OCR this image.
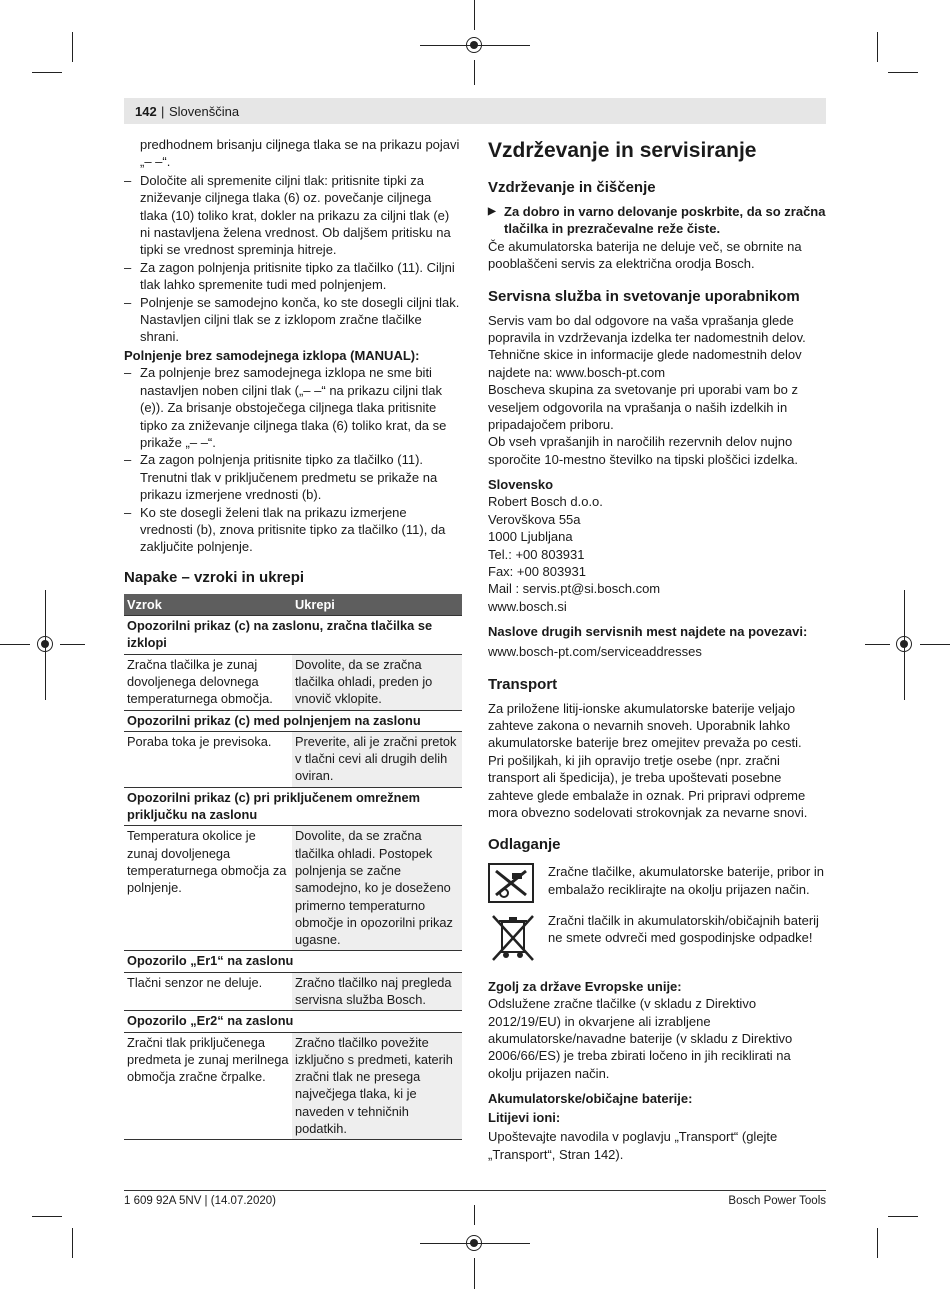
142 | Slovenščina

predhodnem brisanju ciljnega tlaka se na prikazu pojavi „– –“.

– Določite ali spremenite ciljni tlak: pritisnite tipki za zniževanje ciljnega tlaka (6) oz. povečanje ciljnega tlaka (10) toliko krat, dokler na prikazu za ciljni tlak (e) ni nastavljena želena vrednost. Ob daljšem pritisku na tipki se vrednost spreminja hitreje.

– Za zagon polnjenja pritisnite tipko za tlačilko (11). Ciljni tlak lahko spremenite tudi med polnjenjem.

– Polnjenje se samodejno konča, ko ste dosegli ciljni tlak. Nastavljen ciljni tlak se z izklopom zračne tlačilke shrani.

Polnjenje brez samodejnega izklopa (MANUAL):

– Za polnjenje brez samodejnega izklopa ne sme biti nastavljen noben ciljni tlak („– –“ na prikazu ciljni tlak (e)). Za brisanje obstoječega ciljnega tlaka pritisnite tipko za zniževanje ciljnega tlaka (6) toliko krat, da se prikaže „– –“.

– Za zagon polnjenja pritisnite tipko za tlačilko (11). Trenutni tlak v priključenem predmetu se prikaže na prikazu izmerjene vrednosti (b).

– Ko ste dosegli želeni tlak na prikazu izmerjene vrednosti (b), znova pritisnite tipko za tlačilko (11), da zaključite polnjenje.

Napake – vzroki in ukrepi
Vzrok	Ukrepi
Opozorilni prikaz (c) na zaslonu, zračna tlačilka se izklopi	
Zračna tlačilka je zunaj dovoljenega delovnega temperaturnega območja.	Dovolite, da se zračna tlačilka ohladi, preden jo vnovič vklopite.
Opozorilni prikaz (c) med polnjenjem na zaslonu	
Poraba toka je previsoka.	Preverite, ali je zračni pretok v tlačni cevi ali drugih delih oviran.
Opozorilni prikaz (c) pri priključenem omrežnem priključku na zaslonu	
Temperatura okolice je zunaj dovoljenega temperaturnega območja za polnjenje.	Dovolite, da se zračna tlačilka ohladi. Postopek polnjenja se začne samodejno, ko je doseženo primerno temperaturno območje in opozorilni prikaz ugasne.
Opozorilo „Er1“ na zaslonu	
Tlačni senzor ne deluje.	Zračno tlačilko naj pregleda servisna služba Bosch.
Opozorilo „Er2“ na zaslonu	
Zračni tlak priključenega predmeta je zunaj merilnega območja zračne črpalke.	Zračno tlačilko povežite izključno s predmeti, katerih zračni tlak ne presega največjega tlaka, ki je naveden v tehničnih podatkih.
Vzdrževanje in servisiranje
Vzdrževanje in čiščenje

▶ Za dobro in varno delovanje poskrbite, da so zračna tlačilka in prezračevalne reže čiste.

Če akumulatorska baterija ne deluje več, se obrnite na pooblaščeni servis za električna orodja Bosch.

Servisna služba in svetovanje uporabnikom

Servis vam bo dal odgovore na vaša vprašanja glede popravila in vzdrževanja izdelka ter nadomestnih delov. Tehnične skice in informacije glede nadomestnih delov najdete na: www.bosch-pt.com

Boscheva skupina za svetovanje pri uporabi vam bo z veseljem odgovorila na vprašanja o naših izdelkih in pripadajočem priboru.

Ob vseh vprašanjih in naročilih rezervnih delov nujno sporočite 10-mestno številko na tipski ploščici izdelka.

Slovensko

Robert Bosch d.o.o.

Verovškova 55a

1000 Ljubljana

Tel.: +00 803931

Fax: +00 803931

Mail : servis.pt@si.bosch.com

www.bosch.si

Naslove drugih servisnih mest najdete na povezavi:

www.bosch-pt.com/serviceaddresses

Transport

Za priložene litij-ionske akumulatorske baterije veljajo zahteve zakona o nevarnih snoveh. Uporabnik lahko akumulatorske baterije brez omejitev prevaža po cesti.

Pri pošiljkah, ki jih opravijo tretje osebe (npr. zračni transport ali špedicija), je treba upoštevati posebne zahteve glede embalaže in oznak. Pri pripravi odpreme mora obvezno sodelovati strokovnjak za nevarne snovi.

Odlaganje

Zračne tlačilke, akumulatorske baterije, pribor in embalažo reciklirajte na okolju prijazen način.

Zračni tlačilk in akumulatorskih/običajnih baterij ne smete odvreči med gospodinjske odpadke!

Zgolj za države Evropske unije:

Odslužene zračne tlačilke (v skladu z Direktivo 2012/19/EU) in okvarjene ali izrabljene akumulatorske/navadne baterije (v skladu z Direktivo 2006/66/ES) je treba zbirati ločeno in jih reciklirati na okolju prijazen način.

Akumulatorske/običajne baterije:
Litijevi ioni:

Upoštevajte navodila v poglavju „Transport“ (glejte „Transport“, Stran 142).

1 609 92A 5NV | (14.07.2020)	Bosch Power Tools
